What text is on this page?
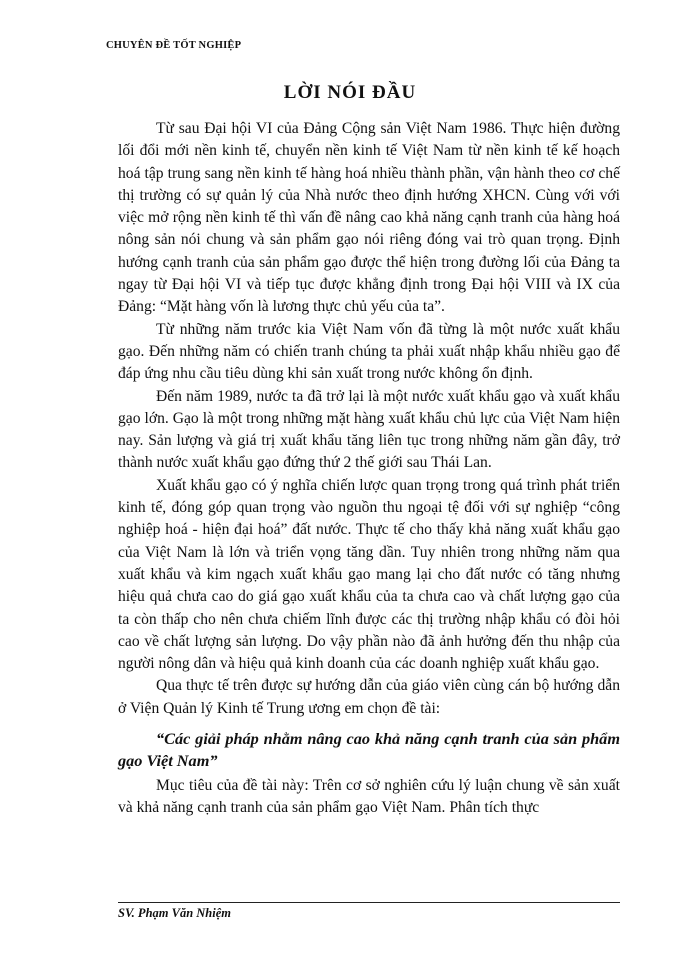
CHUYÊN ĐỀ TỐT NGHIỆP
LỜI NÓI ĐẦU

Từ sau Đại hội VI của Đảng Cộng sản Việt Nam 1986. Thực hiện đường lối đổi mới nền kinh tế, chuyển nền kinh tế Việt Nam từ nền kinh tế kế hoạch hoá tập trung sang nền kinh tế hàng hoá nhiều thành phần, vận hành theo cơ chế thị trường có sự quản lý của Nhà nước theo định hướng XHCN. Cùng với với việc mở rộng nền kinh tế thì vấn đề nâng cao khả năng cạnh tranh của hàng hoá nông sản nói chung và sản phẩm gạo nói riêng đóng vai trò quan trọng. Định hướng cạnh tranh của sản phẩm gạo được thể hiện trong đường lối của Đảng ta ngay từ Đại hội VI và tiếp tục được khẳng định trong Đại hội VIII và IX của Đảng: “Mặt hàng vốn là lương thực chủ yếu của ta”.

Từ những năm trước kia Việt Nam vốn đã từng là một nước xuất khẩu gạo. Đến những năm có chiến tranh chúng ta phải xuất nhập khẩu nhiều gạo để đáp ứng nhu cầu tiêu dùng khi sản xuất trong nước không ổn định.

Đến năm 1989, nước ta đã trở lại là một nước xuất khẩu gạo và xuất khẩu gạo lớn. Gạo là một trong những mặt hàng xuất khẩu chủ lực của Việt Nam hiện nay. Sản lượng và giá trị xuất khẩu tăng liên tục trong những năm gần đây, trở thành nước xuất khẩu gạo đứng thứ 2 thế giới sau Thái Lan.

Xuất khẩu gạo có ý nghĩa chiến lược quan trọng trong quá trình phát triển kinh tế, đóng góp quan trọng vào nguồn thu ngoại tệ đối với sự nghiệp “công nghiệp hoá - hiện đại hoá” đất nước. Thực tế cho thấy khả năng xuất khẩu gạo của Việt Nam là lớn và triển vọng tăng dần. Tuy nhiên trong những năm qua xuất khẩu và kim ngạch xuất khẩu gạo mang lại cho đất nước có tăng nhưng hiệu quả chưa cao do giá gạo xuất khẩu của ta chưa cao và chất lượng gạo của ta còn thấp cho nên chưa chiếm lĩnh được các thị trường nhập khẩu có đòi hỏi cao về chất lượng sản lượng. Do vậy phần nào đã ảnh hưởng đến thu nhập của người nông dân và hiệu quả kinh doanh của các doanh nghiệp xuất khẩu gạo.

Qua thực tế trên được sự hướng dẫn của giáo viên cùng cán bộ hướng dẫn ở Viện Quản lý Kinh tế Trung ương em chọn đề tài:

“Các giải pháp nhằm nâng cao khả năng cạnh tranh của sản phẩm gạo Việt Nam”

Mục tiêu của đề tài này: Trên cơ sở nghiên cứu lý luận chung về sản xuất và khả năng cạnh tranh của sản phẩm gạo Việt Nam. Phân tích thực

SV. Phạm Văn Nhiệm
